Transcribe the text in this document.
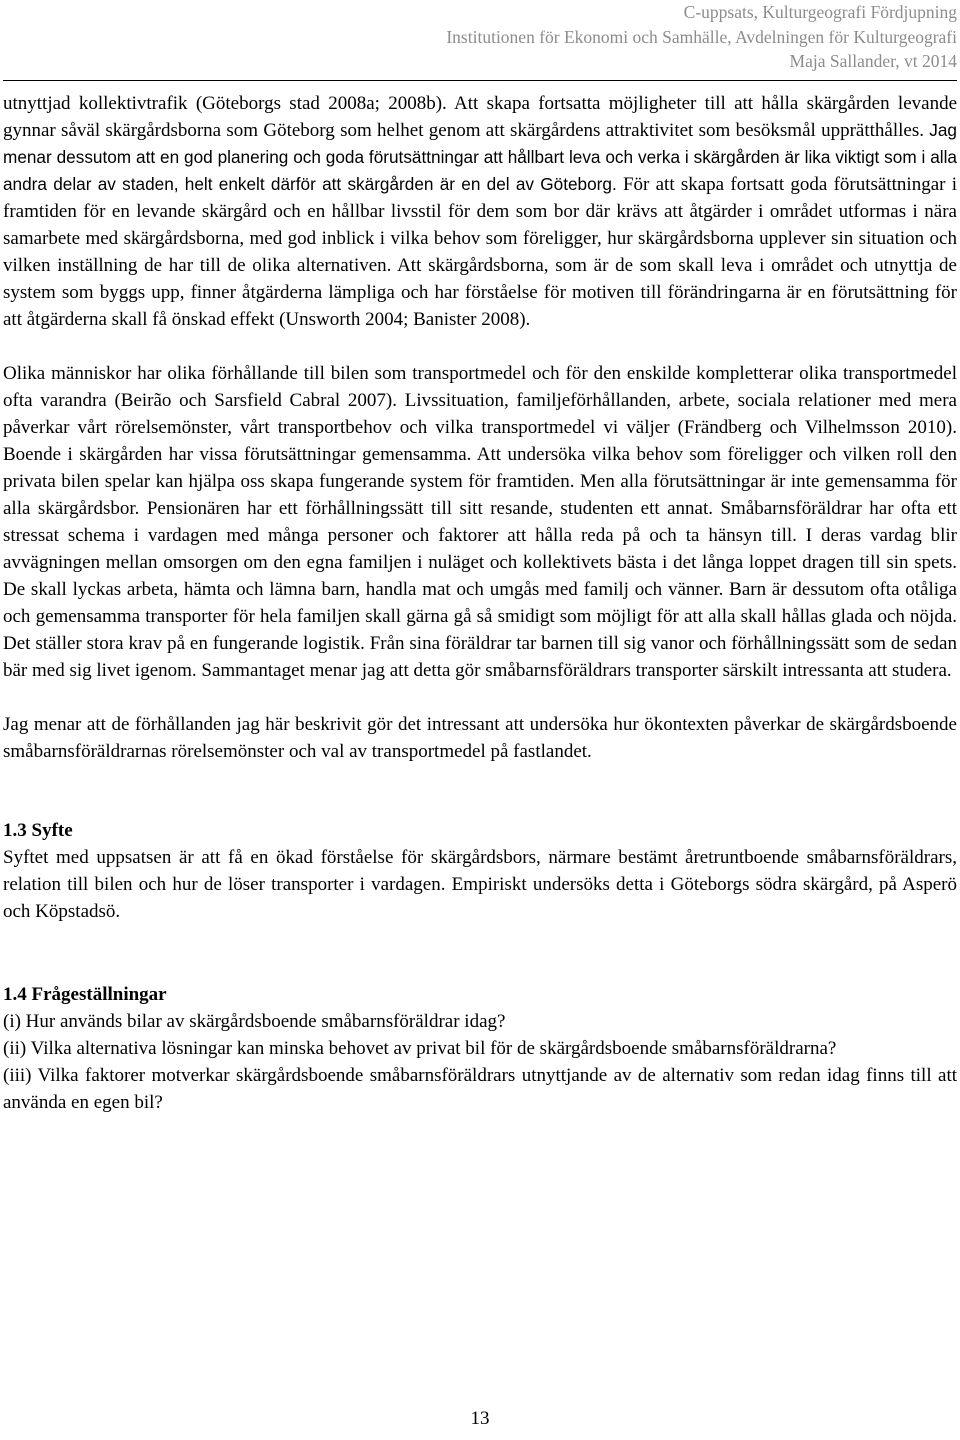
C-uppsats, Kulturgeografi Fördjupning
Institutionen för Ekonomi och Samhälle, Avdelningen för Kulturgeografi
Maja Sallander, vt 2014

utnyttjad kollektivtrafik (Göteborgs stad 2008a; 2008b). Att skapa fortsatta möjligheter till att hålla skärgården levande gynnar såväl skärgårdsborna som Göteborg som helhet genom att skärgårdens attraktivitet som besöksmål upprätthålles. Jag menar dessutom att en god planering och goda förutsättningar att hållbart leva och verka i skärgården är lika viktigt som i alla andra delar av staden, helt enkelt därför att skärgården är en del av Göteborg. För att skapa fortsatt goda förutsättningar i framtiden för en levande skärgård och en hållbar livsstil för dem som bor där krävs att åtgärder i området utformas i nära samarbete med skärgårdsborna, med god inblick i vilka behov som föreligger, hur skärgårdsborna upplever sin situation och vilken inställning de har till de olika alternativen. Att skärgårdsborna, som är de som skall leva i området och utnyttja de system som byggs upp, finner åtgärderna lämpliga och har förståelse för motiven till förändringarna är en förutsättning för att åtgärderna skall få önskad effekt (Unsworth 2004; Banister 2008).

Olika människor har olika förhållande till bilen som transportmedel och för den enskilde kompletterar olika transportmedel ofta varandra (Beirão och Sarsfield Cabral 2007). Livssituation, familjeförhållanden, arbete, sociala relationer med mera påverkar vårt rörelsemönster, vårt transportbehov och vilka transportmedel vi väljer (Frändberg och Vilhelmsson 2010). Boende i skärgården har vissa förutsättningar gemensamma. Att undersöka vilka behov som föreligger och vilken roll den privata bilen spelar kan hjälpa oss skapa fungerande system för framtiden. Men alla förutsättningar är inte gemensamma för alla skärgårdsbor. Pensionären har ett förhållningssätt till sitt resande, studenten ett annat. Småbarnsföräldrar har ofta ett stressat schema i vardagen med många personer och faktorer att hålla reda på och ta hänsyn till. I deras vardag blir avvägningen mellan omsorgen om den egna familjen i nuläget och kollektivets bästa i det långa loppet dragen till sin spets. De skall lyckas arbeta, hämta och lämna barn, handla mat och umgås med familj och vänner. Barn är dessutom ofta otåliga och gemensamma transporter för hela familjen skall gärna gå så smidigt som möjligt för att alla skall hållas glada och nöjda. Det ställer stora krav på en fungerande logistik. Från sina föräldrar tar barnen till sig vanor och förhållningssätt som de sedan bär med sig livet igenom. Sammantaget menar jag att detta gör småbarnsföräldrars transporter särskilt intressanta att studera.

Jag menar att de förhållanden jag här beskrivit gör det intressant att undersöka hur ökontexten påverkar de skärgårdsboende småbarnsföräldrarnas rörelsemönster och val av transportmedel på fastlandet.

1.3 Syfte

Syftet med uppsatsen är att få en ökad förståelse för skärgårdsbors, närmare bestämt åretruntboende småbarnsföräldrars, relation till bilen och hur de löser transporter i vardagen. Empiriskt undersöks detta i Göteborgs södra skärgård, på Asperö och Köpstadsö.

1.4 Frågeställningar

(i) Hur används bilar av skärgårdsboende småbarnsföräldrar idag?

(ii) Vilka alternativa lösningar kan minska behovet av privat bil för de skärgårdsboende småbarnsföräldrarna?

(iii) Vilka faktorer motverkar skärgårdsboende småbarnsföräldrars utnyttjande av de alternativ som redan idag finns till att använda en egen bil?

13
